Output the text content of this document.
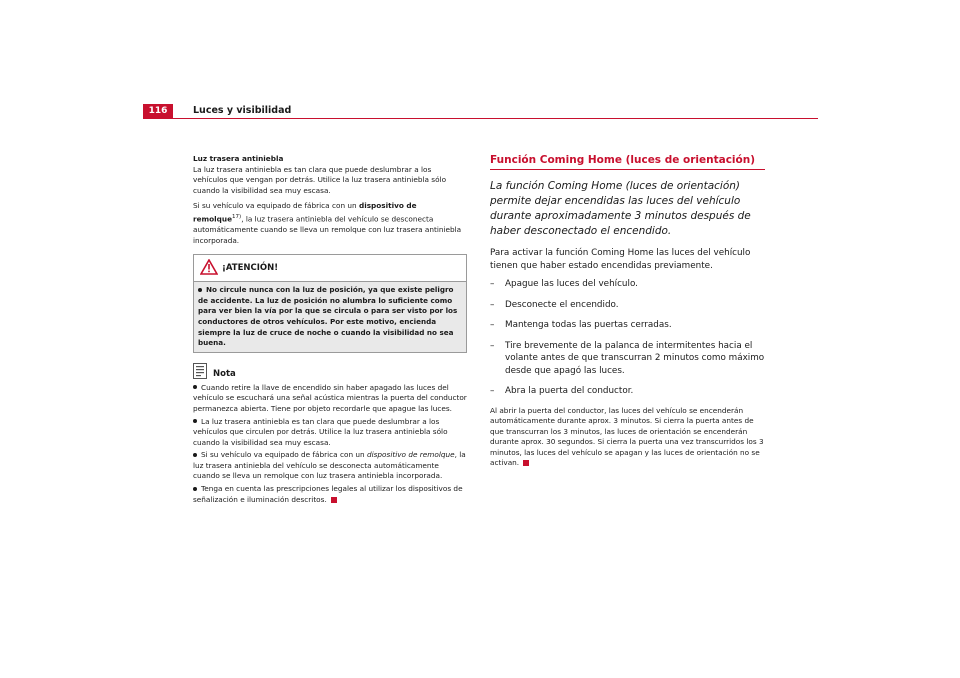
116	Luces y visibilidad

Luz trasera antiniebla

La luz trasera antiniebla es tan clara que puede deslumbrar a los vehículos que vengan por detrás. Utilice la luz trasera antiniebla sólo cuando la visibilidad sea muy escasa.

Si su vehículo va equipado de fábrica con un dispositivo de remolque$^{17)}$, la luz trasera antiniebla del vehículo se desconecta automáticamente cuando se lleva un remolque con luz trasera antiniebla incorporada.

¡ATENCIÓN!
No circule nunca con la luz de posición, ya que existe peligro de accidente. La luz de posición no alumbra lo suficiente como para ver bien la vía por la que se circula o para ser visto por los conductores de otros vehículos. Por este motivo, encienda siempre la luz de cruce de noche o cuando la visibilidad no sea buena.
Nota

Cuando retire la llave de encendido sin haber apagado las luces del vehículo se escuchará una señal acústica mientras la puerta del conductor permanezca abierta. Tiene por objeto recordarle que apague las luces.

La luz trasera antiniebla es tan clara que puede deslumbrar a los vehículos que circulen por detrás. Utilice la luz trasera antiniebla sólo cuando la visibilidad sea muy escasa.

Si su vehículo va equipado de fábrica con un dispositivo de remolque, la luz trasera antiniebla del vehículo se desconecta automáticamente cuando se lleva un remolque con luz trasera antiniebla incorporada.

Tenga en cuenta las prescripciones legales al utilizar los dispositivos de señalización e iluminación descritos.

Función Coming Home (luces de orientación)

La función Coming Home (luces de orientación) permite dejar encendidas las luces del vehículo durante aproximadamente 3 minutos después de haber desconectado el encendido.

Para activar la función Coming Home las luces del vehículo tienen que haber estado encendidas previamente.

– Apague las luces del vehículo.
– Desconecte el encendido.
– Mantenga todas las puertas cerradas.
– Tire brevemente de la palanca de intermitentes hacia el volante antes de que transcurran 2 minutos como máximo desde que apagó las luces.
– Abra la puerta del conductor.

Al abrir la puerta del conductor, las luces del vehículo se encenderán automáticamente durante aprox. 3 minutos. Si cierra la puerta antes de que transcurran los 3 minutos, las luces de orientación se encenderán durante aprox. 30 segundos. Si cierra la puerta una vez transcurridos los 3 minutos, las luces del vehículo se apagan y las luces de orientación no se activan.
